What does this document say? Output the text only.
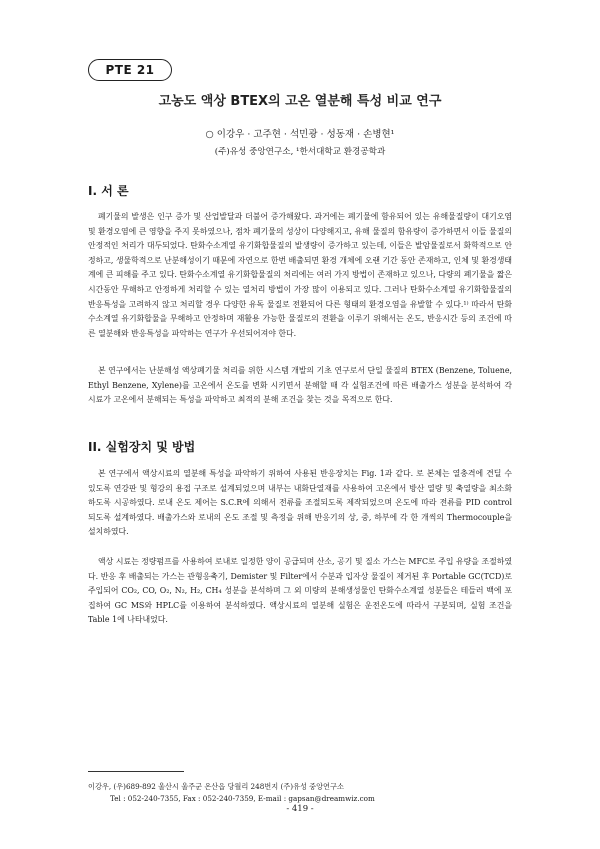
PTE 21
고농도 액상 BTEX의 고온 열분해 특성 비교 연구
○ 이강우 · 고주현 · 석민광 · 성동재 · 손병현¹
(주)유성 중앙연구소, ¹한서대학교 환경공학과
I. 서 론

폐기물의 발생은 인구 증가 및 산업발달과 더불어 증가해왔다. 과거에는 폐기물에 함유되어 있는 유해물질량이 대기오염 및 환경오염에 큰 영향을 주지 못하였으나, 점차 폐기물의 성상이 다양해지고, 유해 물질의 함유량이 증가하면서 이들 물질의 안정적인 처리가 대두되었다. 탄화수소계열 유기화합물질의 발생량이 증가하고 있는데, 이들은 발암물질로서 화학적으로 안정하고, 생물학적으로 난분해성이기 때문에 자연으로 한번 배출되면 환경 개체에 오랜 기간 동안 존재하고, 인체 및 환경생태계에 큰 피해를 주고 있다. 탄화수소계열 유기화합물질의 처리에는 여러 가지 방법이 존재하고 있으나, 다량의 폐기물을 짧은 시간동안 무해하고 안정하게 처리할 수 있는 열처리 방법이 가장 많이 이용되고 있다. 그러나 탄화수소계열 유기화합물질의 반응특성을 고려하지 않고 처리할 경우 다양한 유독 물질로 전환되어 다른 형태의 환경오염을 유발할 수 있다.¹⁾ 따라서 탄화수소계열 유기화합물을 무해하고 안정하며 재활용 가능한 물질로의 전환을 이루기 위해서는 온도, 반응시간 등의 조건에 따른 열분해와 반응특성을 파악하는 연구가 우선되어져야 한다.

본 연구에서는 난분해성 액상폐기물 처리를 위한 시스템 개발의 기초 연구로서 단일 물질의 BTEX (Benzene, Toluene, Ethyl Benzene, Xylene)를 고온에서 온도를 변화 시키면서 분해할 때 각 실험조건에 따른 배출가스 성분을 분석하여 각 시료가 고온에서 분해되는 특성을 파악하고 최적의 분해 조건을 찾는 것을 목적으로 한다.

II. 실험장치 및 방법

본 연구에서 액상시료의 열분해 특성을 파악하기 위하여 사용된 반응장치는 Fig. 1과 같다. 로 본체는 열충격에 견딜 수 있도록 연강판 및 형강의 용접 구조로 설계되었으며 내부는 내화단열재를 사용하여 고온에서 방산 열량 및 축열량을 최소화 하도록 시공하였다. 로내 온도 제어는 S.C.R에 의해서 전류를 조절되도록 제작되었으며 온도에 따라 전류를 PID control 되도록 설계하였다. 배출가스와 로내의 온도 조절 및 측정을 위해 반응기의 상, 중, 하부에 각 한 개씩의 Thermocouple을 설치하였다.

액상 시료는 정량펌프를 사용하여 로내로 일정한 양이 공급되며 산소, 공기 및 질소 가스는 MFC로 주입 유량을 조절하였다. 반응 후 배출되는 가스는 관형응축기, Demister 및 Filter에서 수분과 입자상 물질이 제거된 후 Portable GC(TCD)로 주입되어 CO₂, CO, O₂, N₂, H₂, CH₄ 성분을 분석하며 그 외 미량의 분해생성물인 탄화수소계열 성분들은 테들러 백에 포집하여 GC MS와 HPLC를 이용하여 분석하였다. 액상시료의 열분해 실험은 운전온도에 따라서 구분되며, 실험 조건을 Table 1에 나타내었다.

이강우, (우)689-892 울산시 울주군 온산읍 당월리 248번지 (주)유성 중앙연구소
Tel : 052-240-7355, Fax : 052-240-7359, E-mail : gapsan@dreamwiz.com
- 419 -
